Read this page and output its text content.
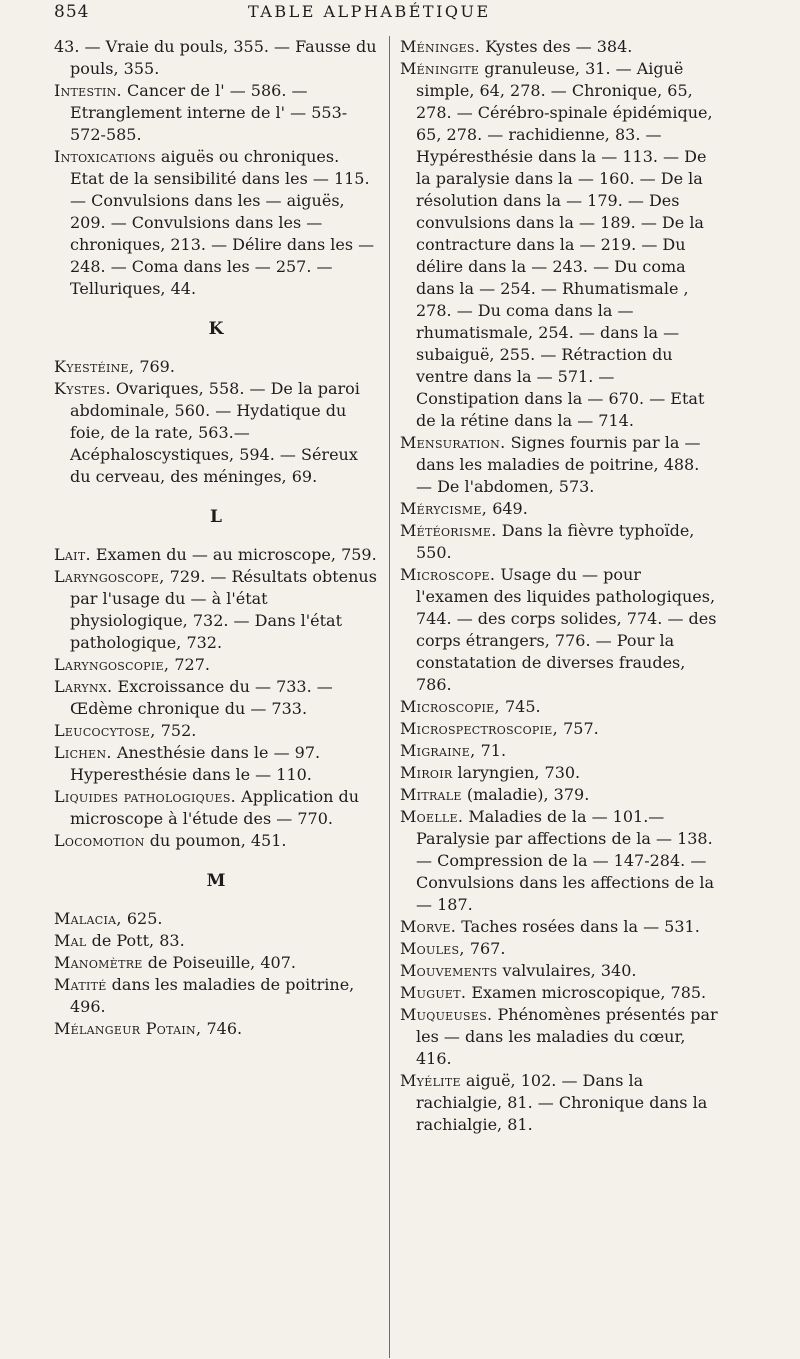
854	TABLE ALPHABÉTIQUE

43. — Vraie du pouls, 355. — Fausse du pouls, 355.

Intestin. Cancer de l' — 586. — Etranglement interne de l' — 553-572-585.

Intoxications aiguës ou chroniques. Etat de la sensibilité dans les — 115. — Convulsions dans les — aiguës, 209. — Convulsions dans les — chroniques, 213. — Délire dans les — 248. — Coma dans les — 257. — Telluriques, 44.

K

Kyestéine, 769.

Kystes. Ovariques, 558. — De la paroi abdominale, 560. — Hydatique du foie, de la rate, 563.— Acéphaloscystiques, 594. — Séreux du cerveau, des méninges, 69.

L

Lait. Examen du — au microscope, 759.

Laryngoscope, 729. — Résultats obtenus par l'usage du — à l'état physiologique, 732. — Dans l'état pathologique, 732.

Laryngoscopie, 727.

Larynx. Excroissance du — 733. — Œdème chronique du — 733.

Leucocytose, 752.

Lichen. Anesthésie dans le — 97. Hyperesthésie dans le — 110.

Liquides pathologiques. Application du microscope à l'étude des — 770.

Locomotion du poumon, 451.

M

Malacia, 625.

Mal de Pott, 83.

Manomètre de Poiseuille, 407.

Matité dans les maladies de poitrine, 496.

Mélangeur Potain, 746.

Méninges. Kystes des — 384.

Méningite granuleuse, 31. — Aiguë simple, 64, 278. — Chronique, 65, 278. — Cérébro-spinale épidémique, 65, 278. — rachidienne, 83. — Hypéresthésie dans la — 113. — De la paralysie dans la — 160. — De la résolution dans la — 179. — Des convulsions dans la — 189. — De la contracture dans la — 219. — Du délire dans la — 243. — Du coma dans la — 254. — Rhumatismale , 278. — Du coma dans la — rhumatismale, 254. — dans la — subaiguë, 255. — Rétraction du ventre dans la — 571. — Constipation dans la — 670. — Etat de la rétine dans la — 714.

Mensuration. Signes fournis par la — dans les maladies de poitrine, 488. — De l'abdomen, 573.

Mérycisme, 649.

Météorisme. Dans la fièvre typhoïde, 550.

Microscope. Usage du — pour l'examen des liquides pathologiques, 744. — des corps solides, 774. — des corps étrangers, 776. — Pour la constatation de diverses fraudes, 786.

Microscopie, 745.

Microspectroscopie, 757.

Migraine, 71.

Miroir laryngien, 730.

Mitrale (maladie), 379.

Moelle. Maladies de la — 101.— Paralysie par affections de la — 138. — Compression de la — 147-284. — Convulsions dans les affections de la — 187.

Morve. Taches rosées dans la — 531.

Moules, 767.

Mouvements valvulaires, 340.

Muguet. Examen microscopique, 785.

Muqueuses. Phénomènes présentés par les — dans les maladies du cœur, 416.

Myélite aiguë, 102. — Dans la rachialgie, 81. — Chronique dans la rachialgie, 81.
